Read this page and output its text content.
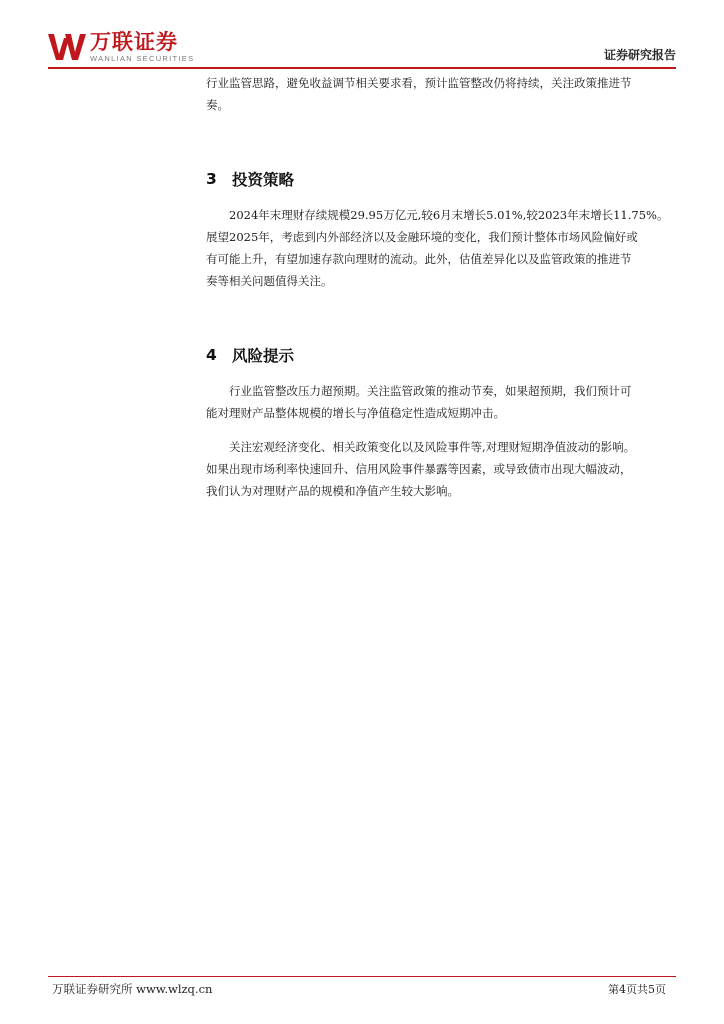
万联证券
WANLIAN SECURITIES	证券研究报告

行业监管思路，避免收益调节相关要求看，预计监管整改仍将持续，关注政策推进节

奏。

3 投资策略

2024年末理财存续规模29.95万亿元,较6月末增长5.01%,较2023年末增长11.75%。

展望2025年，考虑到内外部经济以及金融环境的变化，我们预计整体市场风险偏好或

有可能上升，有望加速存款向理财的流动。此外，估值差异化以及监管政策的推进节

奏等相关问题值得关注。

4 风险提示

行业监管整改压力超预期。关注监管政策的推动节奏，如果超预期，我们预计可

能对理财产品整体规模的增长与净值稳定性造成短期冲击。

关注宏观经济变化、相关政策变化以及风险事件等,对理财短期净值波动的影响。

如果出现市场利率快速回升、信用风险事件暴露等因素，或导致债市出现大幅波动，

我们认为对理财产品的规模和净值产生较大影响。

万联证券研究所 www.wlzq.cn	第4页共5页
